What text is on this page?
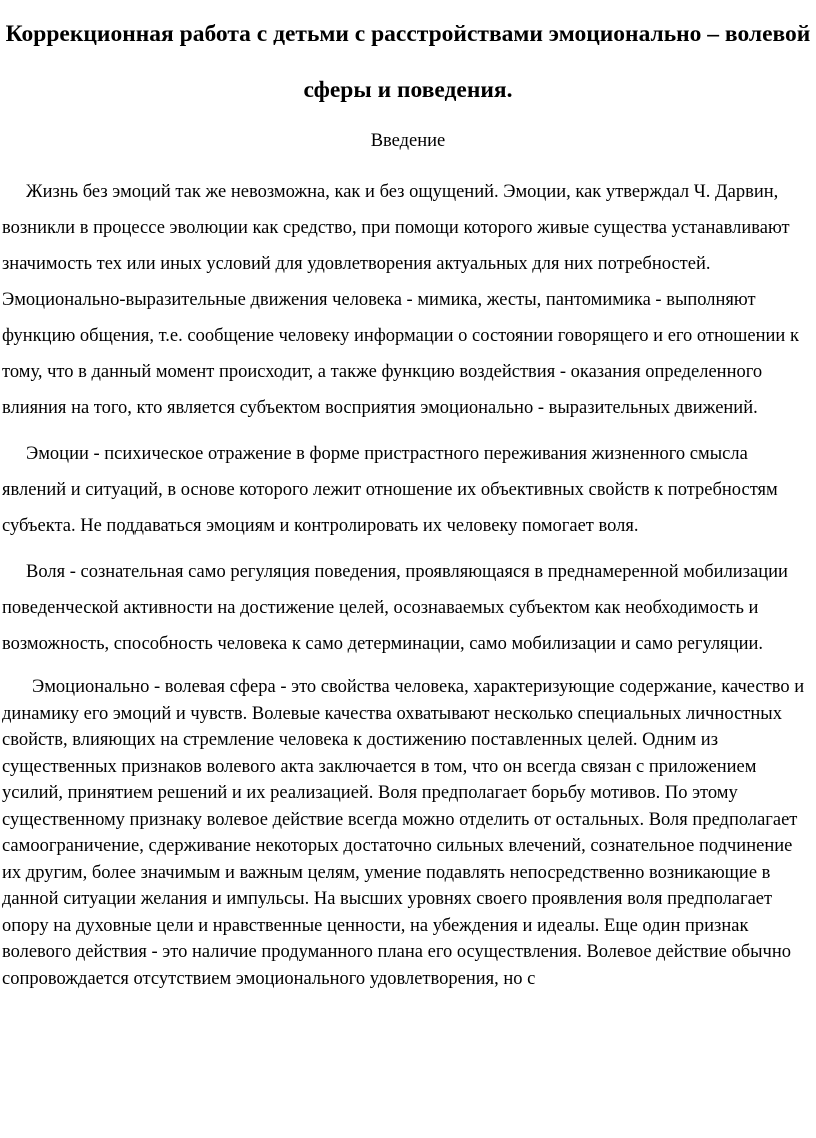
Коррекционная работа с детьми с расстройствами эмоционально – волевой сферы и поведения.
Введение

Жизнь без эмоций так же невозможна, как и без ощущений. Эмоции, как утверждал Ч. Дарвин, возникли в процессе эволюции как средство, при помощи которого живые существа устанавливают значимость тех или иных условий для удовлетворения актуальных для них потребностей. Эмоционально-выразительные движения человека - мимика, жесты, пантомимика - выполняют функцию общения, т.е. сообщение человеку информации о состоянии говорящего и его отношении к тому, что в данный момент происходит, а также функцию воздействия - оказания определенного влияния на того, кто является субъектом восприятия эмоционально - выразительных движений.

Эмоции - психическое отражение в форме пристрастного переживания жизненного смысла явлений и ситуаций, в основе которого лежит отношение их объективных свойств к потребностям субъекта. Не поддаваться эмоциям и контролировать их человеку помогает воля.

Воля - сознательная само регуляция поведения, проявляющаяся в преднамеренной мобилизации поведенческой активности на достижение целей, осознаваемых субъектом как необходимость и возможность, способность человека к само детерминации, само мобилизации и само регуляции.

Эмоционально - волевая сфера - это свойства человека, характеризующие содержание, качество и динамику его эмоций и чувств. Волевые качества охватывают несколько специальных личностных свойств, влияющих на стремление человека к достижению поставленных целей. Одним из существенных признаков волевого акта заключается в том, что он всегда связан с приложением усилий, принятием решений и их реализацией. Воля предполагает борьбу мотивов. По этому существенному признаку волевое действие всегда можно отделить от остальных. Воля предполагает самоограничение, сдерживание некоторых достаточно сильных влечений, сознательное подчинение их другим, более значимым и важным целям, умение подавлять непосредственно возникающие в данной ситуации желания и импульсы. На высших уровнях своего проявления воля предполагает опору на духовные цели и нравственные ценности, на убеждения и идеалы. Еще один признак волевого действия - это наличие продуманного плана его осуществления. Волевое действие обычно сопровождается отсутствием эмоционального удовлетворения, но с
